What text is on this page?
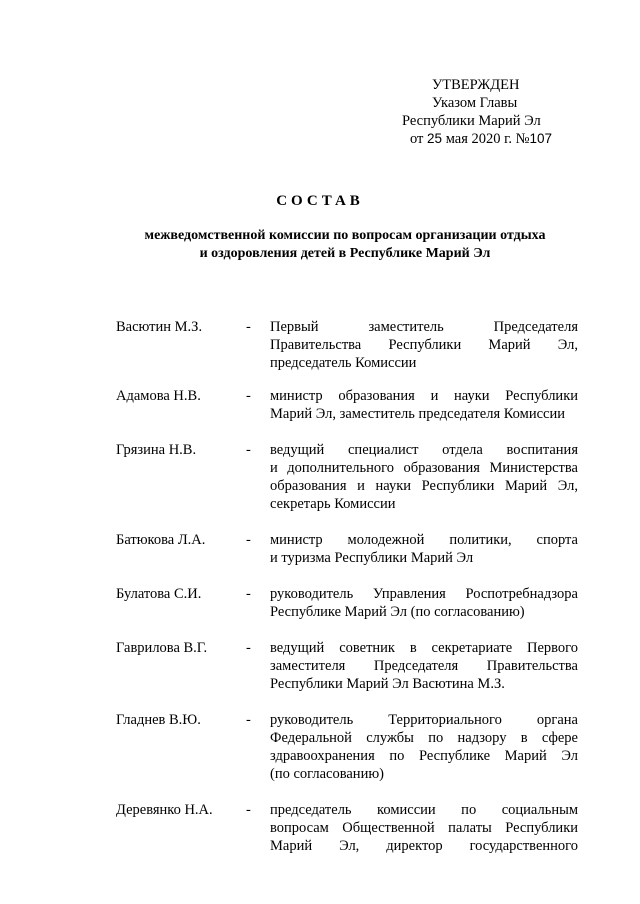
УТВЕРЖДЕН
Указом Главы
Республики Марий Эл
от 25 мая 2020 г. №107
СОСТАВ
межведомственной комиссии по вопросам организации отдыха
и оздоровления детей в Республике Марий Эл
Васютин М.З.	-	Первый заместитель Председателя
Правительства Республики Марий Эл,
председатель Комиссии
Адамова Н.В.	-	министр образования и науки Республики
Марий Эл, заместитель председателя Комиссии
Грязина Н.В.	-	ведущий специалист отдела воспитания
и дополнительного образования Министерства
образования и науки Республики Марий Эл,
секретарь Комиссии
Батюкова Л.А.	-	министр молодежной политики, спорта
и туризма Республики Марий Эл
Булатова С.И.	-	руководитель Управления Роспотребнадзора
Республике Марий Эл (по согласованию)
Гаврилова В.Г.	-	ведущий советник в секретариате Первого
заместителя Председателя Правительства
Республики Марий Эл Васютина М.З.
Гладнев В.Ю.	-	руководитель Территориального органа
Федеральной службы по надзору в сфере
здравоохранения по Республике Марий Эл
(по согласованию)
Деревянко Н.А.	-	председатель комиссии по социальным
вопросам Общественной палаты Республики
Марий Эл, директор государственного
